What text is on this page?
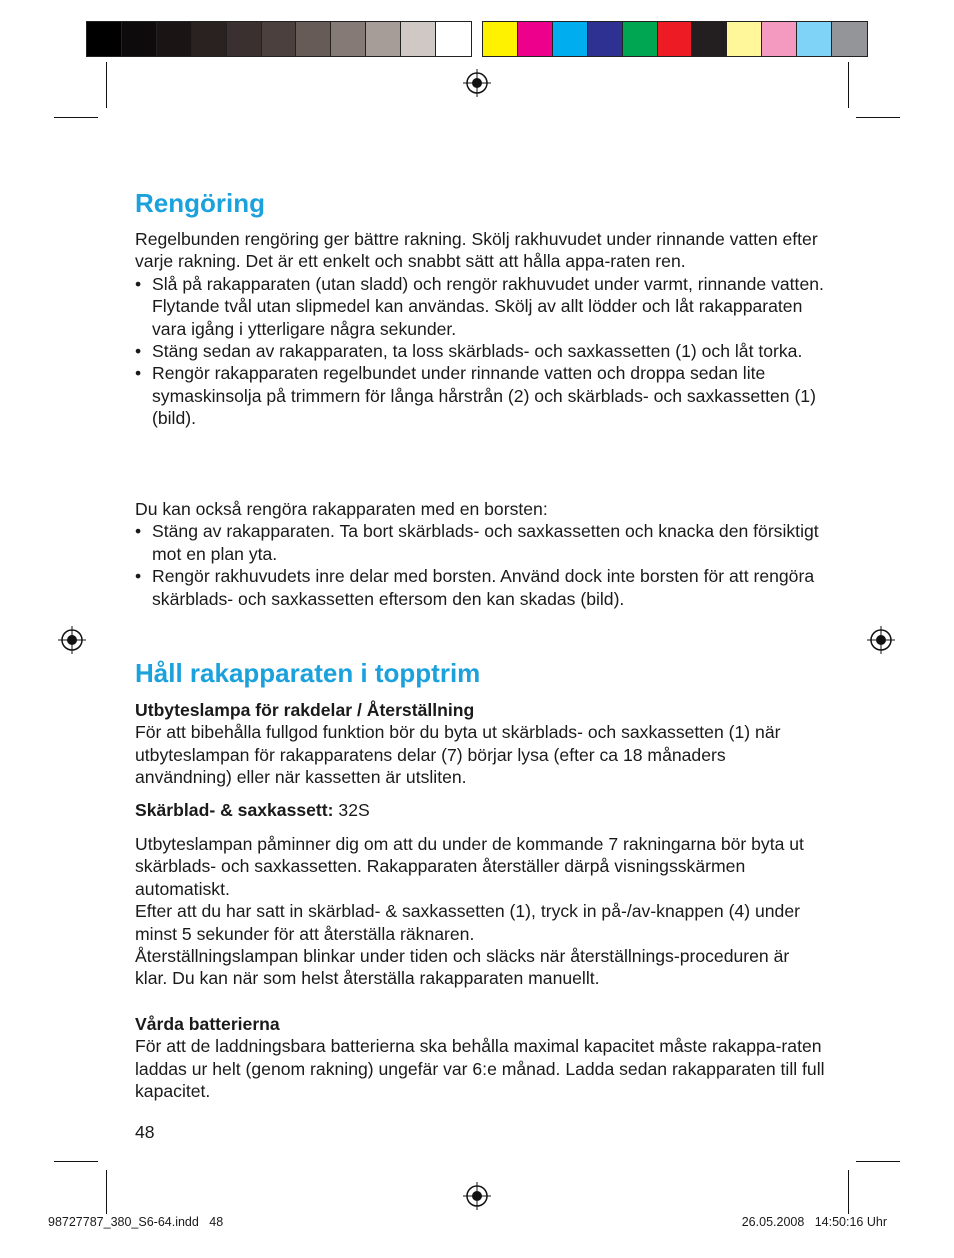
Rengöring

Regelbunden rengöring ger bättre rakning. Skölj rakhuvudet under rinnande vatten efter varje rakning. Det är ett enkelt och snabbt sätt att hålla appa-raten ren.

• Slå på rakapparaten (utan sladd) och rengör rakhuvudet under varmt, rinnande vatten. Flytande tvål utan slipmedel kan användas. Skölj av allt lödder och låt rakapparaten vara igång i ytterligare några sekunder.
• Stäng sedan av rakapparaten, ta loss skärblads- och saxkassetten (1) och låt torka.
• Rengör rakapparaten regelbundet under rinnande vatten och droppa sedan lite symaskinsolja på trimmern för långa hårstrån (2) och skärblads- och saxkassetten (1) (bild).

Du kan också rengöra rakapparaten med en borsten:

• Stäng av rakapparaten. Ta bort skärblads- och saxkassetten och knacka den försiktigt mot en plan yta.
• Rengör rakhuvudets inre delar med borsten. Använd dock inte borsten för att rengöra skärblads- och saxkassetten eftersom den kan skadas (bild).
Håll rakapparaten i topptrim

Utbyteslampa för rakdelar / Återställning

För att bibehålla fullgod funktion bör du byta ut skärblads- och saxkassetten (1) när utbyteslampan för rakapparatens delar (7) börjar lysa (efter ca 18 månaders användning) eller när kassetten är utsliten.

Skärblad- & saxkassett: 32S

Utbyteslampan påminner dig om att du under de kommande 7 rakningarna bör byta ut skärblads- och saxkassetten. Rakapparaten återställer därpå visningsskärmen automatiskt.

Efter att du har satt in skärblad- & saxkassetten (1), tryck in på-/av-knappen (4) under minst 5 sekunder för att återställa räknaren.

Återställningslampan blinkar under tiden och släcks när återställnings-proceduren är klar. Du kan när som helst återställa rakapparaten manuellt.

Vårda batterierna

För att de laddningsbara batterierna ska behålla maximal kapacitet måste rakappa-raten laddas ur helt (genom rakning) ungefär var 6:e månad. Ladda sedan rakapparaten till full kapacitet.

48
98727787_380_S6-64.indd   48	26.05.2008   14:50:16 Uhr
